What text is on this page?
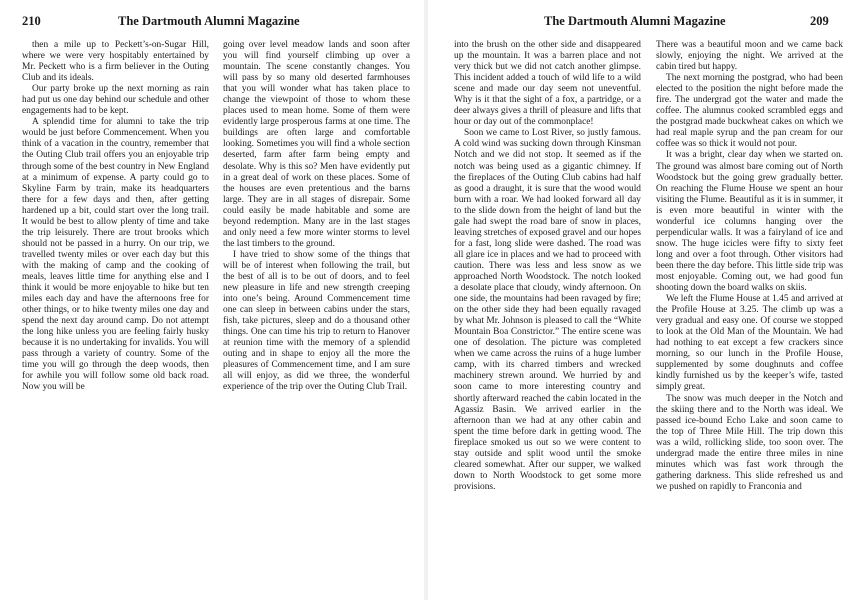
210	The Dartmouth Alumni Magazine

then a mile up to Peckett’s-on-Sugar Hill, where we were very hospitably entertained by Mr. Peckett who is a firm believer in the Outing Club and its ideals.

Our party broke up the next morning as rain had put us one day behind our schedule and other engagements had to be kept.

A splendid time for alumni to take the trip would be just before Commencement. When you think of a vacation in the country, remember that the Outing Club trail offers you an enjoyable trip through some of the best country in New England at a minimum of expense. A party could go to Skyline Farm by train, make its headquarters there for a few days and then, after getting hardened up a bit, could start over the long trail. It would be best to allow plenty of time and take the trip leisurely. There are trout brooks which should not be passed in a hurry. On our trip, we travelled twenty miles or over each day but this with the making of camp and the cooking of meals, leaves little time for anything else and I think it would be more enjoyable to hike but ten miles each day and have the afternoons free for other things, or to hike twenty miles one day and spend the next day around camp. Do not attempt the long hike unless you are feeling fairly husky because it is no undertaking for invalids. You will pass through a variety of country. Some of the time you will go through the deep woods, then for awhile you will follow some old back road. Now you will be

going over level meadow lands and soon after you will find yourself climbing up over a mountain. The scene constantly changes. You will pass by so many old deserted farmhouses that you will wonder what has taken place to change the viewpoint of those to whom these places used to mean home. Some of them were evidently large prosperous farms at one time. The buildings are often large and comfortable looking. Sometimes you will find a whole section deserted, farm after farm being empty and desolate. Why is this so? Men have evidently put in a great deal of work on these places. Some of the houses are even pretentious and the barns large. They are in all stages of disrepair. Some could easily be made habitable and some are beyond redemption. Many are in the last stages and only need a few more winter storms to level the last timbers to the ground.

I have tried to show some of the things that will be of interest when following the trail, but the best of all is to be out of doors, and to feel new pleasure in life and new strength creeping into one’s being. Around Commencement time one can sleep in between cabins under the stars, fish, take pictures, sleep and do a thousand other things. One can time his trip to return to Hanover at reunion time with the memory of a splendid outing and in shape to enjoy all the more the pleasures of Commencement time, and I am sure all will enjoy, as did we three, the wonderful experience of the trip over the Outing Club Trail.

The Dartmouth Alumni Magazine	209

into the brush on the other side and disappeared up the mountain. It was a barren place and not very thick but we did not catch another glimpse. This incident added a touch of wild life to a wild scene and made our day seem not uneventful. Why is it that the sight of a fox, a partridge, or a deer always gives a thrill of pleasure and lifts that hour or day out of the commonplace!

Soon we came to Lost River, so justly famous. A cold wind was sucking down through Kinsman Notch and we did not stop. It seemed as if the notch was being used as a gigantic chimney. If the fireplaces of the Outing Club cabins had half as good a draught, it is sure that the wood would burn with a roar. We had looked forward all day to the slide down from the height of land but the gale had swept the road bare of snow in places, leaving stretches of exposed gravel and our hopes for a fast, long slide were dashed. The road was all glare ice in places and we had to proceed with caution. There was less and less snow as we approached North Woodstock. The notch looked a desolate place that cloudy, windy afternoon. On one side, the mountains had been ravaged by fire; on the other side they had been equally ravaged by what Mr. Johnson is pleased to call the “White Mountain Boa Constrictor.” The entire scene was one of desolation. The picture was completed when we came across the ruins of a huge lumber camp, with its charred timbers and wrecked machinery strewn around. We hurried by and soon came to more interesting country and shortly afterward reached the cabin located in the Agassiz Basin. We arrived earlier in the afternoon than we had at any other cabin and spent the time before dark in getting wood. The fireplace smoked us out so we were content to stay outside and split wood until the smoke cleared somewhat. After our supper, we walked down to North Woodstock to get some more provisions.

There was a beautiful moon and we came back slowly, enjoying the night. We arrived at the cabin tired but happy.

The next morning the postgrad, who had been elected to the position the night before made the fire. The undergrad got the water and made the coffee. The alumnus cooked scrambled eggs and the postgrad made buckwheat cakes on which we had real maple syrup and the pan cream for our coffee was so thick it would not pour.

It was a bright, clear day when we started on. The ground was almost bare coming out of North Woodstock but the going grew gradually better. On reaching the Flume House we spent an hour visiting the Flume. Beautiful as it is in summer, it is even more beautiful in winter with the wonderful ice columns hanging over the perpendicular walls. It was a fairyland of ice and snow. The huge icicles were fifty to sixty feet long and over a foot through. Other visitors had been there the day before. This little side trip was most enjoyable. Coming out, we had good fun shooting down the board walks on skiis.

We left the Flume House at 1.45 and arrived at the Profile House at 3.25. The climb up was a very gradual and easy one. Of course we stopped to look at the Old Man of the Mountain. We had had nothing to eat except a few crackers since morning, so our lunch in the Profile House, supplemented by some doughnuts and coffee kindly furnished us by the keeper’s wife, tasted simply great.

The snow was much deeper in the Notch and the skiing there and to the North was ideal. We passed ice-bound Echo Lake and soon came to the top of Three Mile Hill. The trip down this was a wild, rollicking slide, too soon over. The undergrad made the entire three miles in nine minutes which was fast work through the gathering darkness. This slide refreshed us and we pushed on rapidly to Franconia and
